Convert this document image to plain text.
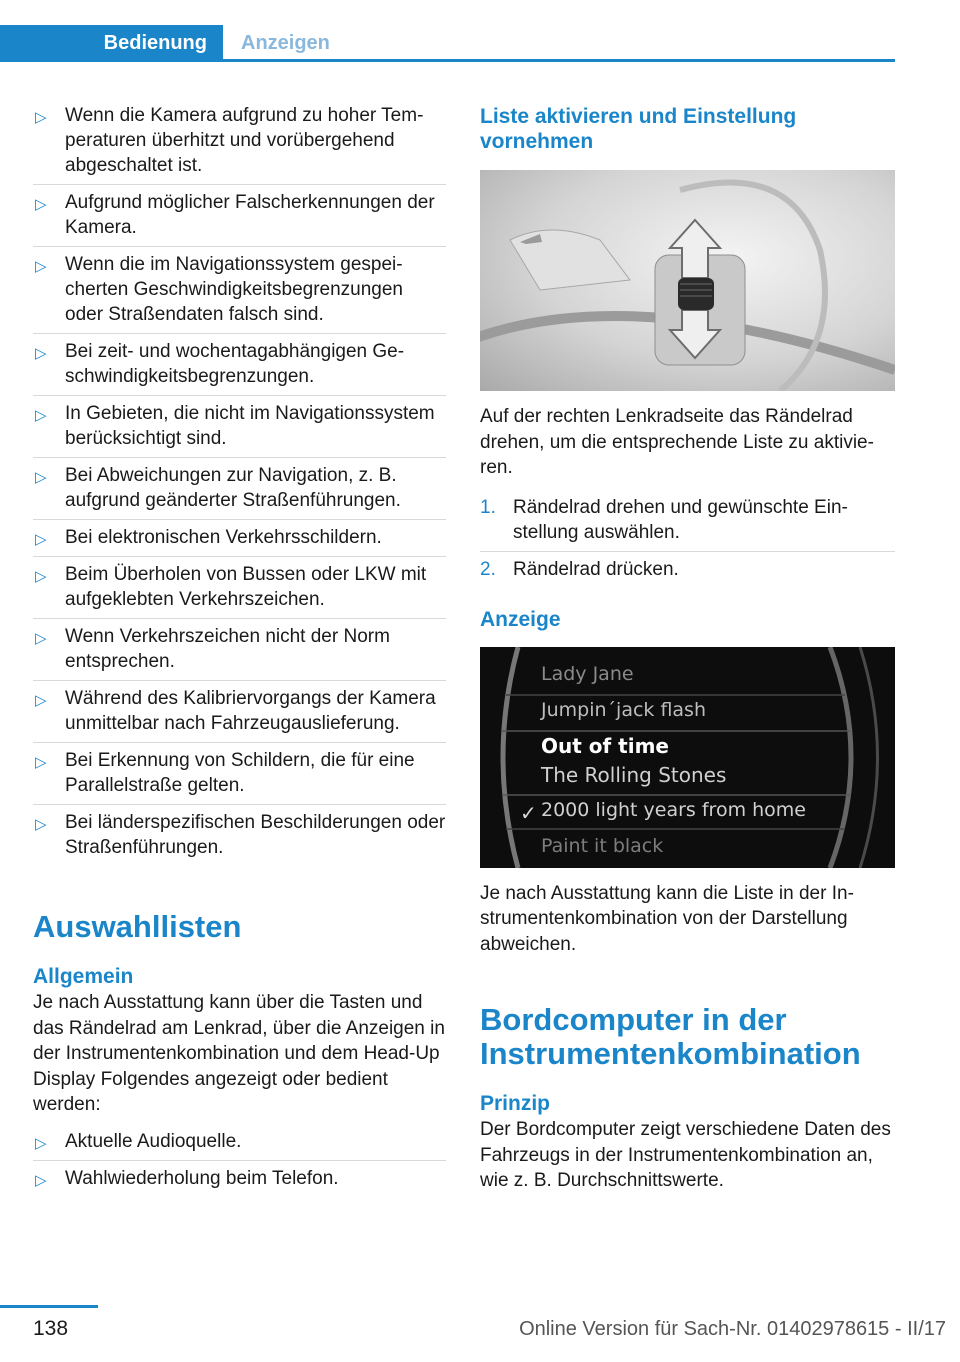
Bedienung	Anzeigen
▷ Wenn die Kamera aufgrund zu hoher Temperaturen überhitzt und vorübergehend abgeschaltet ist.
▷ Aufgrund möglicher Falscherkennungen der Kamera.
▷ Wenn die im Navigationssystem gespeicherten Geschwindigkeitsbegrenzungen oder Straßendaten falsch sind.
▷ Bei zeit- und wochentagabhängigen Geschwindigkeitsbegrenzungen.
▷ In Gebieten, die nicht im Navigationssystem berücksichtigt sind.
▷ Bei Abweichungen zur Navigation, z. B. aufgrund geänderter Straßenführungen.
▷ Bei elektronischen Verkehrsschildern.
▷ Beim Überholen von Bussen oder LKW mit aufgeklebten Verkehrszeichen.
▷ Wenn Verkehrszeichen nicht der Norm entsprechen.
▷ Während des Kalibriervorgangs der Kamera unmittelbar nach Fahrzeugauslieferung.
▷ Bei Erkennung von Schildern, die für eine Parallelstraße gelten.
▷ Bei länderspezifischen Beschilderungen oder Straßenführungen.
Auswahllisten
Allgemein
Je nach Ausstattung kann über die Tasten und das Rändelrad am Lenkrad, über die Anzeigen in der Instrumentenkombination und dem Head-Up Display Folgendes angezeigt oder bedient werden:
▷ Aktuelle Audioquelle.
▷ Wahlwiederholung beim Telefon.
Liste aktivieren und Einstellung vornehmen
Auf der rechten Lenkradseite das Rändelrad drehen, um die entsprechende Liste zu aktivieren.
1. Rändelrad drehen und gewünschte Einstellung auswählen.
2. Rändelrad drücken.
Anzeige
✓
Lady Jane
Jumpin´jack flash
Out of time
The Rolling Stones
2000 light years from home
Paint it black
Je nach Ausstattung kann die Liste in der Instrumentenkombination von der Darstellung abweichen.
Bordcomputer in der Instrumentenkombination
Prinzip
Der Bordcomputer zeigt verschiedene Daten des Fahrzeugs in der Instrumentenkombination an, wie z. B. Durchschnittswerte.
138	Online Version für Sach-Nr. 01402978615 - II/17
